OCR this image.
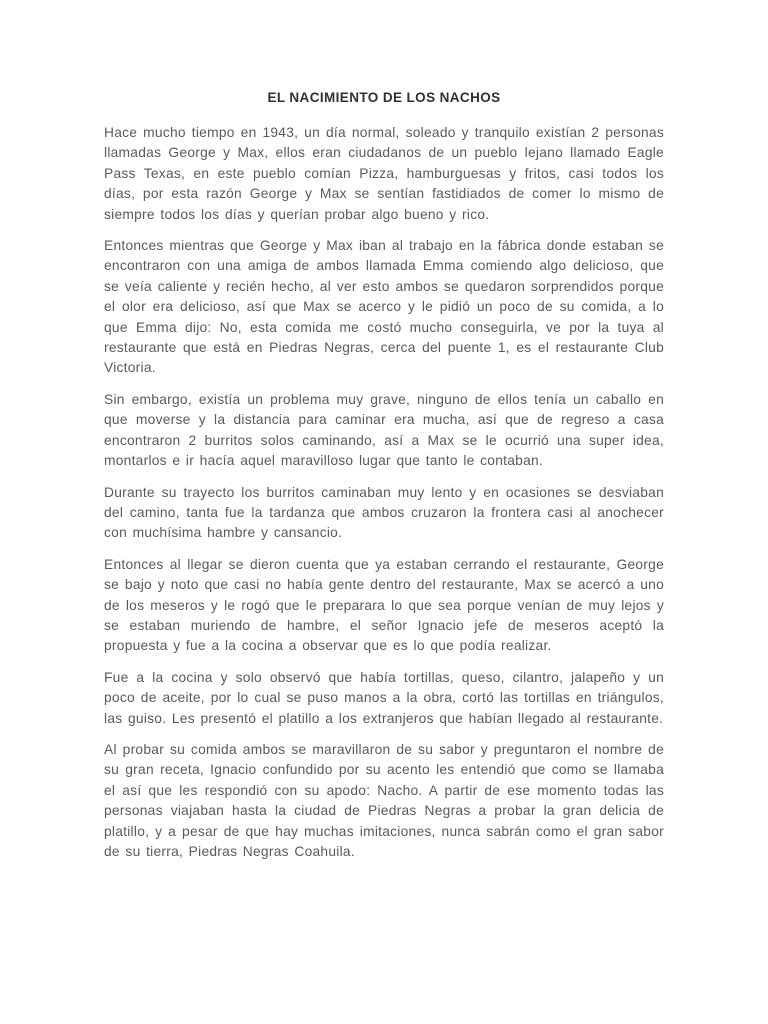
EL NACIMIENTO DE LOS NACHOS

Hace mucho tiempo en 1943, un día normal, soleado y tranquilo existían 2 personas llamadas George y Max, ellos eran ciudadanos de un pueblo lejano llamado Eagle Pass Texas, en este pueblo comían Pizza, hamburguesas y fritos, casi todos los días, por esta razón George y Max se sentían fastidiados de comer lo mismo de siempre todos los días y querían probar algo bueno y rico.

Entonces mientras que George y Max iban al trabajo en la fábrica donde estaban se encontraron con una amiga de ambos llamada Emma comiendo algo delicioso, que se veía caliente y recién hecho, al ver esto ambos se quedaron sorprendidos porque el olor era delicioso, así que Max se acerco y le pidió un poco de su comida, a lo que Emma dijo: No, esta comida me costó mucho conseguirla, ve por la tuya al restaurante que está en Piedras Negras, cerca del puente 1, es el restaurante Club Victoria.

Sin embargo, existía un problema muy grave, ninguno de ellos tenía un caballo en que moverse y la distancia para caminar era mucha, así que de regreso a casa encontraron 2 burritos solos caminando, así a Max se le ocurrió una super idea, montarlos e ir hacía aquel maravilloso lugar que tanto le contaban.

Durante su trayecto los burritos caminaban muy lento y en ocasiones se desviaban del camino, tanta fue la tardanza que ambos cruzaron la frontera casi al anochecer con muchísima hambre y cansancio.

Entonces al llegar se dieron cuenta que ya estaban cerrando el restaurante, George se bajo y noto que casi no había gente dentro del restaurante, Max se acercó a uno de los meseros y le rogó que le preparara lo que sea porque venían de muy lejos y se estaban muriendo de hambre, el señor Ignacio jefe de meseros aceptó la propuesta y fue a la cocina a observar que es lo que podía realizar.

Fue a la cocina y solo observó que había tortillas, queso, cilantro, jalapeño y un poco de aceite, por lo cual se puso manos a la obra, cortó las tortillas en triángulos, las guiso. Les presentó el platillo a los extranjeros que habían llegado al restaurante.

Al probar su comida ambos se maravillaron de su sabor y preguntaron el nombre de su gran receta, Ignacio confundido por su acento les entendió que como se llamaba el así que les respondió con su apodo: Nacho. A partir de ese momento todas las personas viajaban hasta la ciudad de Piedras Negras a probar la gran delicia de platillo, y a pesar de que hay muchas imitaciones, nunca sabrán como el gran sabor de su tierra, Piedras Negras Coahuila.
